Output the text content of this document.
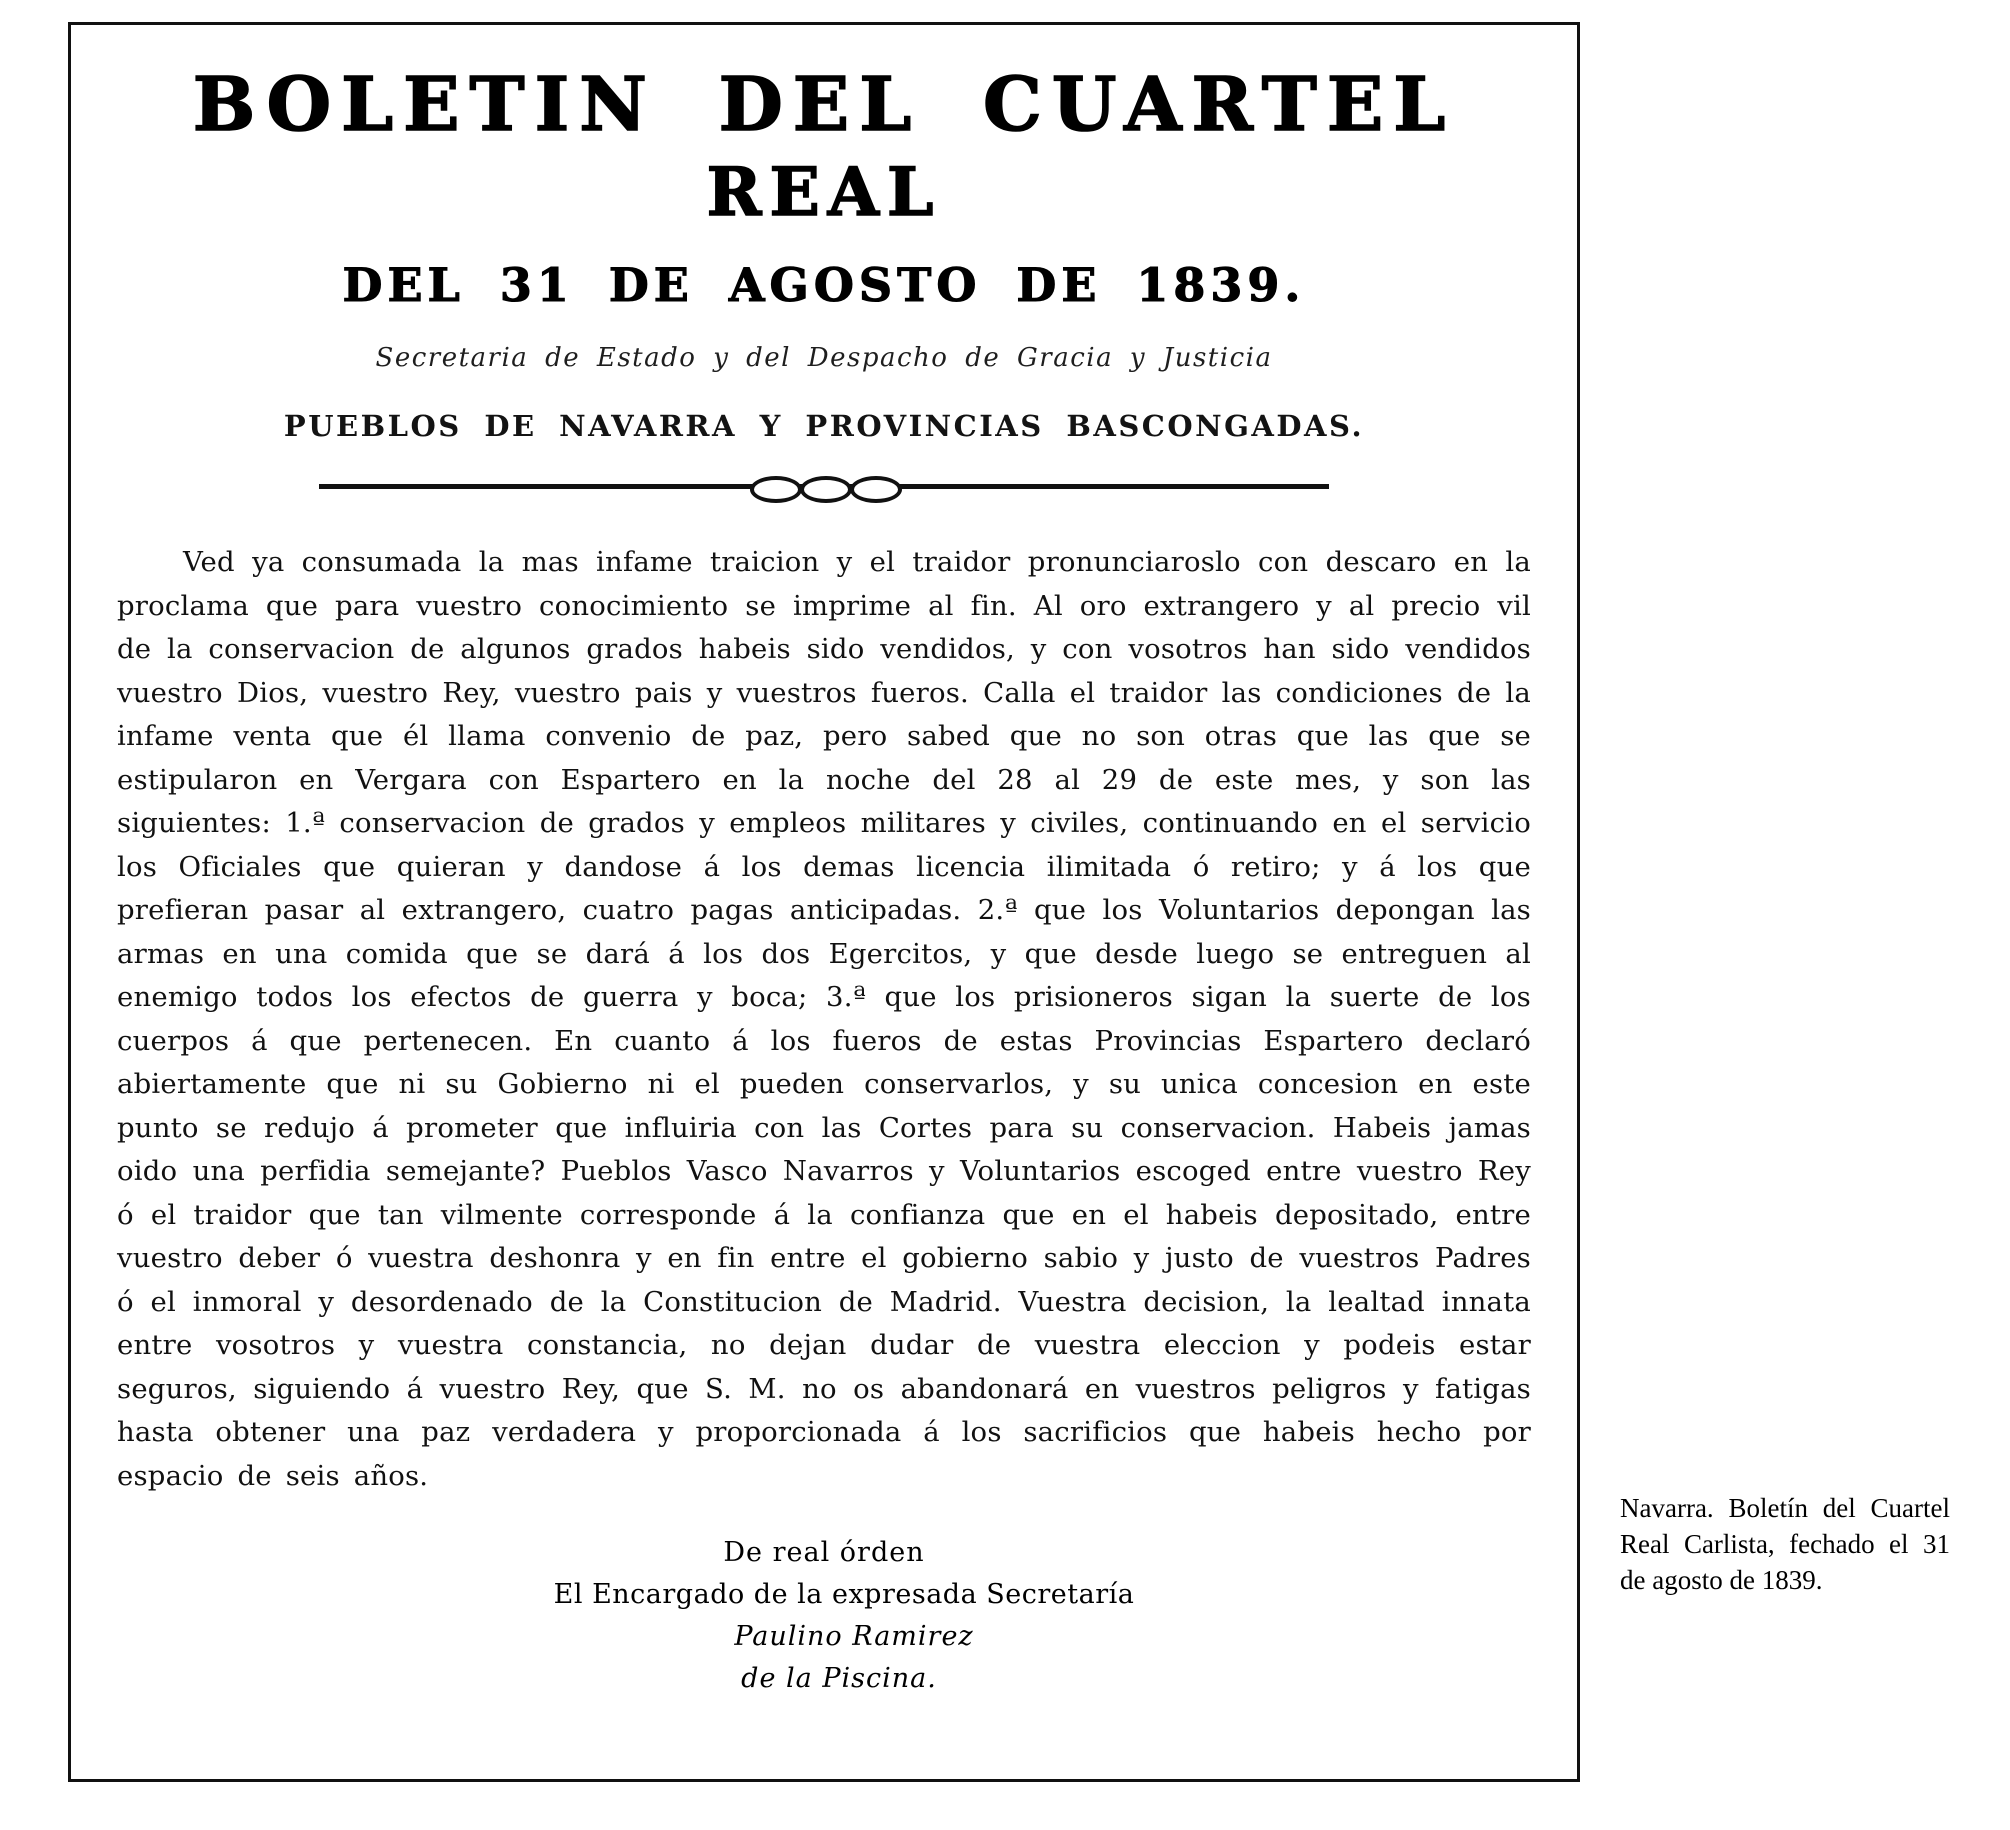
BOLETIN DEL CUARTEL
REAL
DEL 31 DE AGOSTO DE 1839.
Secretaria de Estado y del Despacho de Gracia y Justicia
PUEBLOS DE NAVARRA Y PROVINCIAS BASCONGADAS.
Ved ya consumada la mas infame traicion y el traidor pronunciaroslo con descaro en la proclama que para vuestro conocimiento se imprime al fin. Al oro extrangero y al precio vil de la conservacion de algunos grados habeis sido vendidos, y con vosotros han sido vendidos vuestro Dios, vuestro Rey, vuestro pais y vuestros fueros. Calla el traidor las condiciones de la infame venta que él llama convenio de paz, pero sabed que no son otras que las que se estipularon en Vergara con Espartero en la noche del 28 al 29 de este mes, y son las siguientes: 1.ª conservacion de grados y empleos militares y civiles, continuando en el servicio los Oficiales que quieran y dandose á los demas licencia ilimitada ó retiro; y á los que prefieran pasar al extrangero, cuatro pagas anticipadas. 2.ª que los Voluntarios depongan las armas en una comida que se dará á los dos Egercitos, y que desde luego se entreguen al enemigo todos los efectos de guerra y boca; 3.ª que los prisioneros sigan la suerte de los cuerpos á que pertenecen. En cuanto á los fueros de estas Provincias Espartero declaró abiertamente que ni su Gobierno ni el pueden conservarlos, y su unica concesion en este punto se redujo á prometer que influiria con las Cortes para su conservacion. Habeis jamas oido una perfidia semejante? Pueblos Vasco Navarros y Voluntarios escoged entre vuestro Rey ó el traidor que tan vilmente corresponde á la confianza que en el habeis depositado, entre vuestro deber ó vuestra deshonra y en fin entre el gobierno sabio y justo de vuestros Padres ó el inmoral y desordenado de la Constitucion de Madrid. Vuestra decision, la lealtad innata entre vosotros y vuestra constancia, no dejan dudar de vuestra eleccion y podeis estar seguros, siguiendo á vuestro Rey, que S. M. no os abandonará en vuestros peligros y fatigas hasta obtener una paz verdadera y proporcionada á los sacrificios que habeis hecho por espacio de seis años.
De real órden
El Encargado de la expresada Secretaría
Paulino Ramirez
de la Piscina.
Navarra. Boletín del Cuartel Real Carlista, fechado el 31 de agosto de 1839.
